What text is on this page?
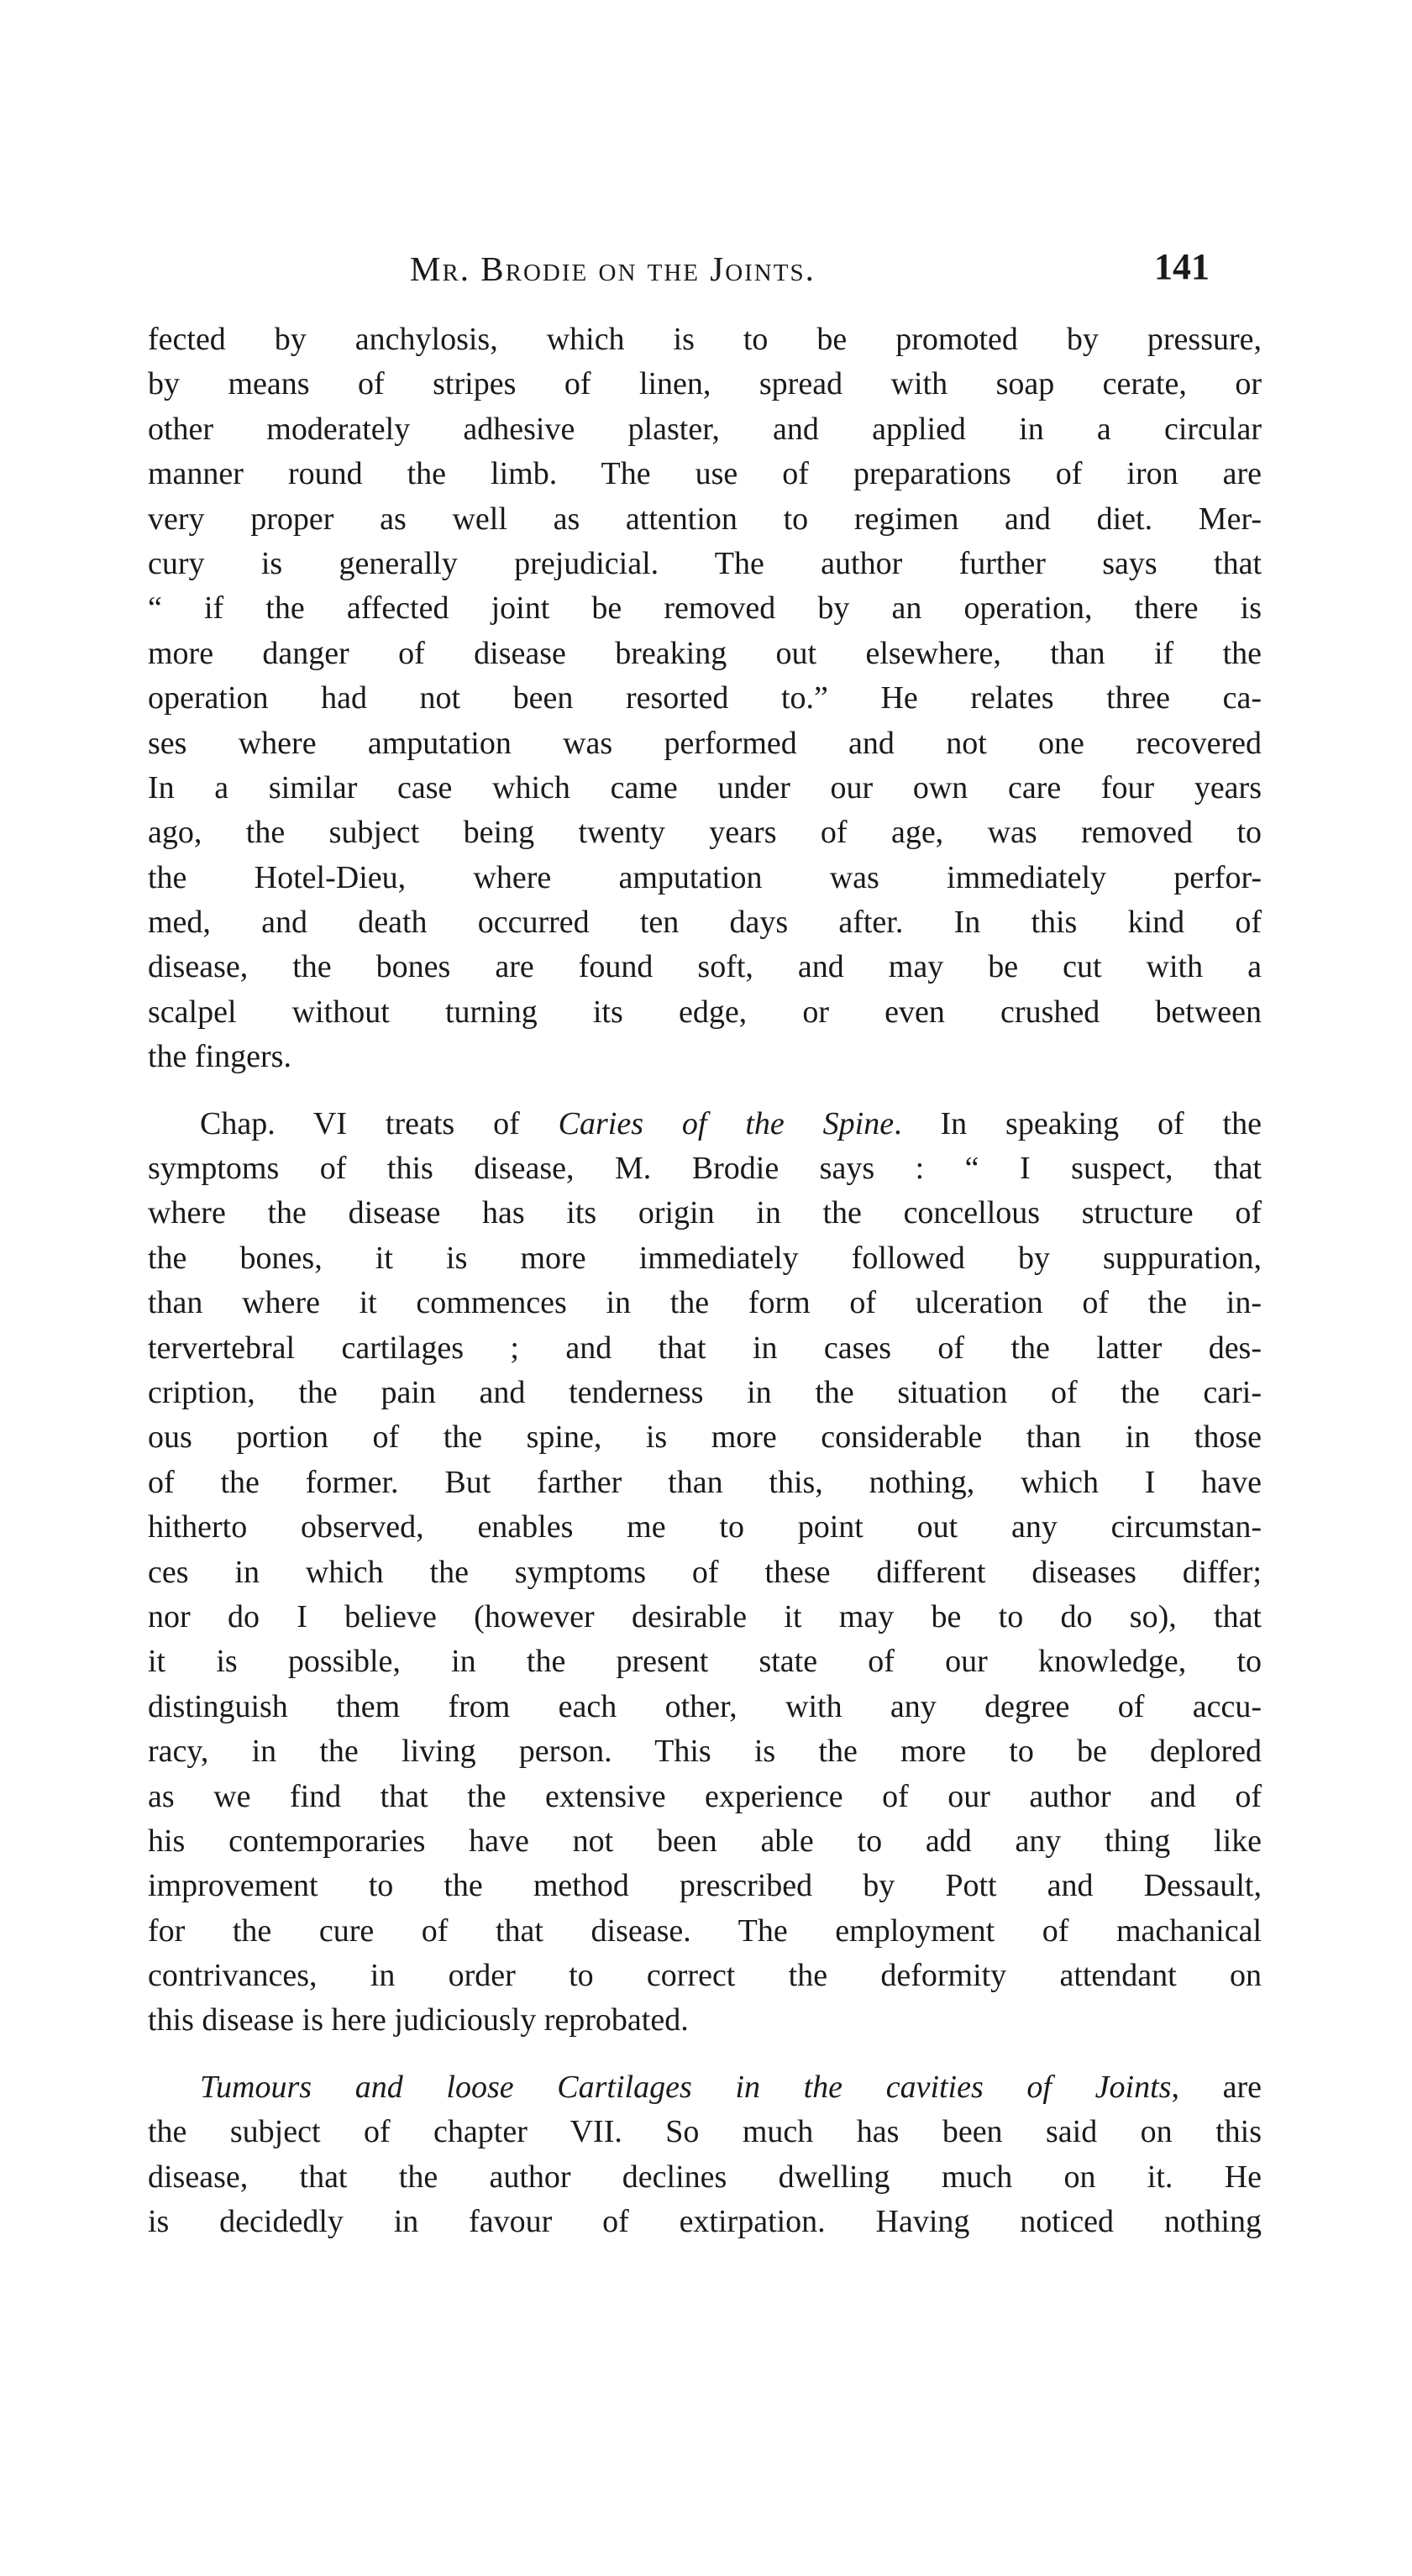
Mr. Brodie on the Joints.	141
fected by anchylosis, which is to be promoted by pressure,
by means of stripes of linen, spread with soap cerate, or
other moderately adhesive plaster, and applied in a circular
manner round the limb. The use of preparations of iron are
very proper as well as attention to regimen and diet. Mer-
cury is generally prejudicial. The author further says that
“ if the affected joint be removed by an operation, there is
more danger of disease breaking out elsewhere, than if the
operation had not been resorted to.” He relates three ca-
ses where amputation was performed and not one recovered
In a similar case which came under our own care four years
ago, the subject being twenty years of age, was removed to
the Hotel-Dieu, where amputation was immediately perfor-
med, and death occurred ten days after. In this kind of
disease, the bones are found soft, and may be cut with a
scalpel without turning its edge, or even crushed between
the fingers.
Chap. VI treats of Caries of the Spine. In speaking of the
symptoms of this disease, M. Brodie says : “ I suspect, that
where the disease has its origin in the concellous structure of
the bones, it is more immediately followed by suppuration,
than where it commences in the form of ulceration of the in-
tervertebral cartilages ; and that in cases of the latter des-
cription, the pain and tenderness in the situation of the cari-
ous portion of the spine, is more considerable than in those
of the former. But farther than this, nothing, which I have
hitherto observed, enables me to point out any circumstan-
ces in which the symptoms of these different diseases differ;
nor do I believe (however desirable it may be to do so), that
it is possible, in the present state of our knowledge, to
distinguish them from each other, with any degree of accu-
racy, in the living person. This is the more to be deplored
as we find that the extensive experience of our author and of
his contemporaries have not been able to add any thing like
improvement to the method prescribed by Pott and Dessault,
for the cure of that disease. The employment of machanical
contrivances, in order to correct the deformity attendant on
this disease is here judiciously reprobated.
Tumours and loose Cartilages in the cavities of Joints, are
the subject of chapter VII. So much has been said on this
disease, that the author declines dwelling much on it. He
is decidedly in favour of extirpation. Having noticed nothing
